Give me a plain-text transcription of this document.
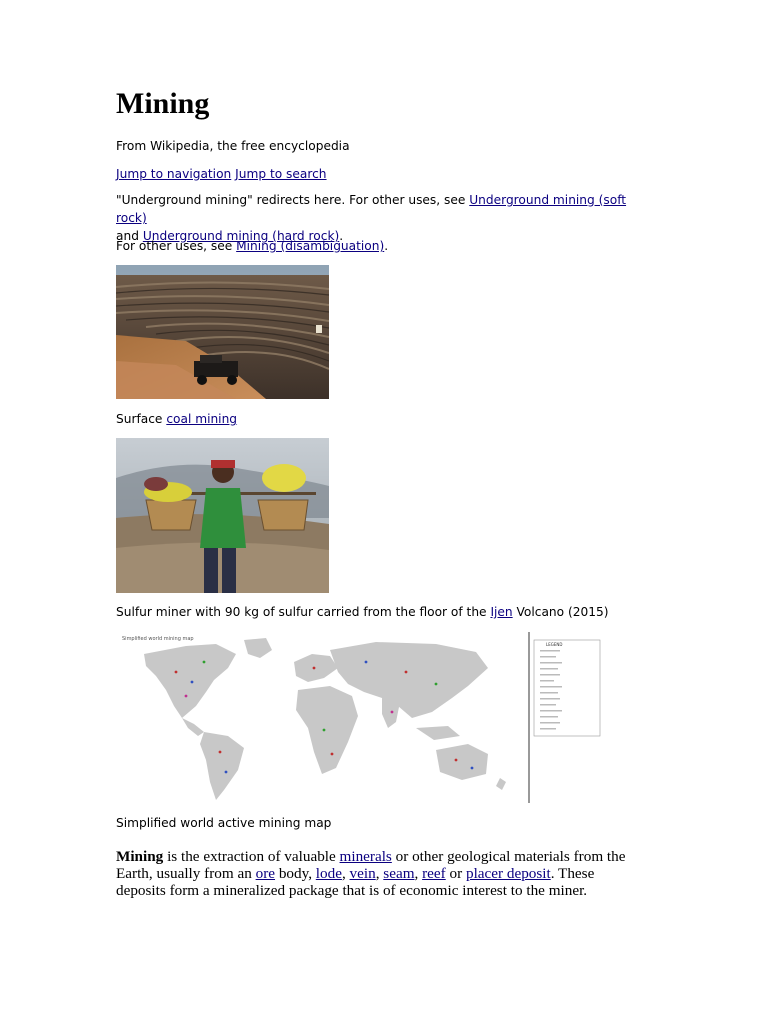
Mining
From Wikipedia, the free encyclopedia
Jump to navigation Jump to search
"Underground mining" redirects here. For other uses, see Underground mining (soft rock)
and Underground mining (hard rock).
For other uses, see Mining (disambiguation).
Surface coal mining
Sulfur miner with 90 kg of sulfur carried from the floor of the Ijen Volcano (2015)
Simplified world mining map
LEGEND
Simplified world active mining map

Mining is the extraction of valuable minerals or other geological materials from the Earth, usually from an ore body, lode, vein, seam, reef or placer deposit. These deposits form a mineralized package that is of economic interest to the miner.
